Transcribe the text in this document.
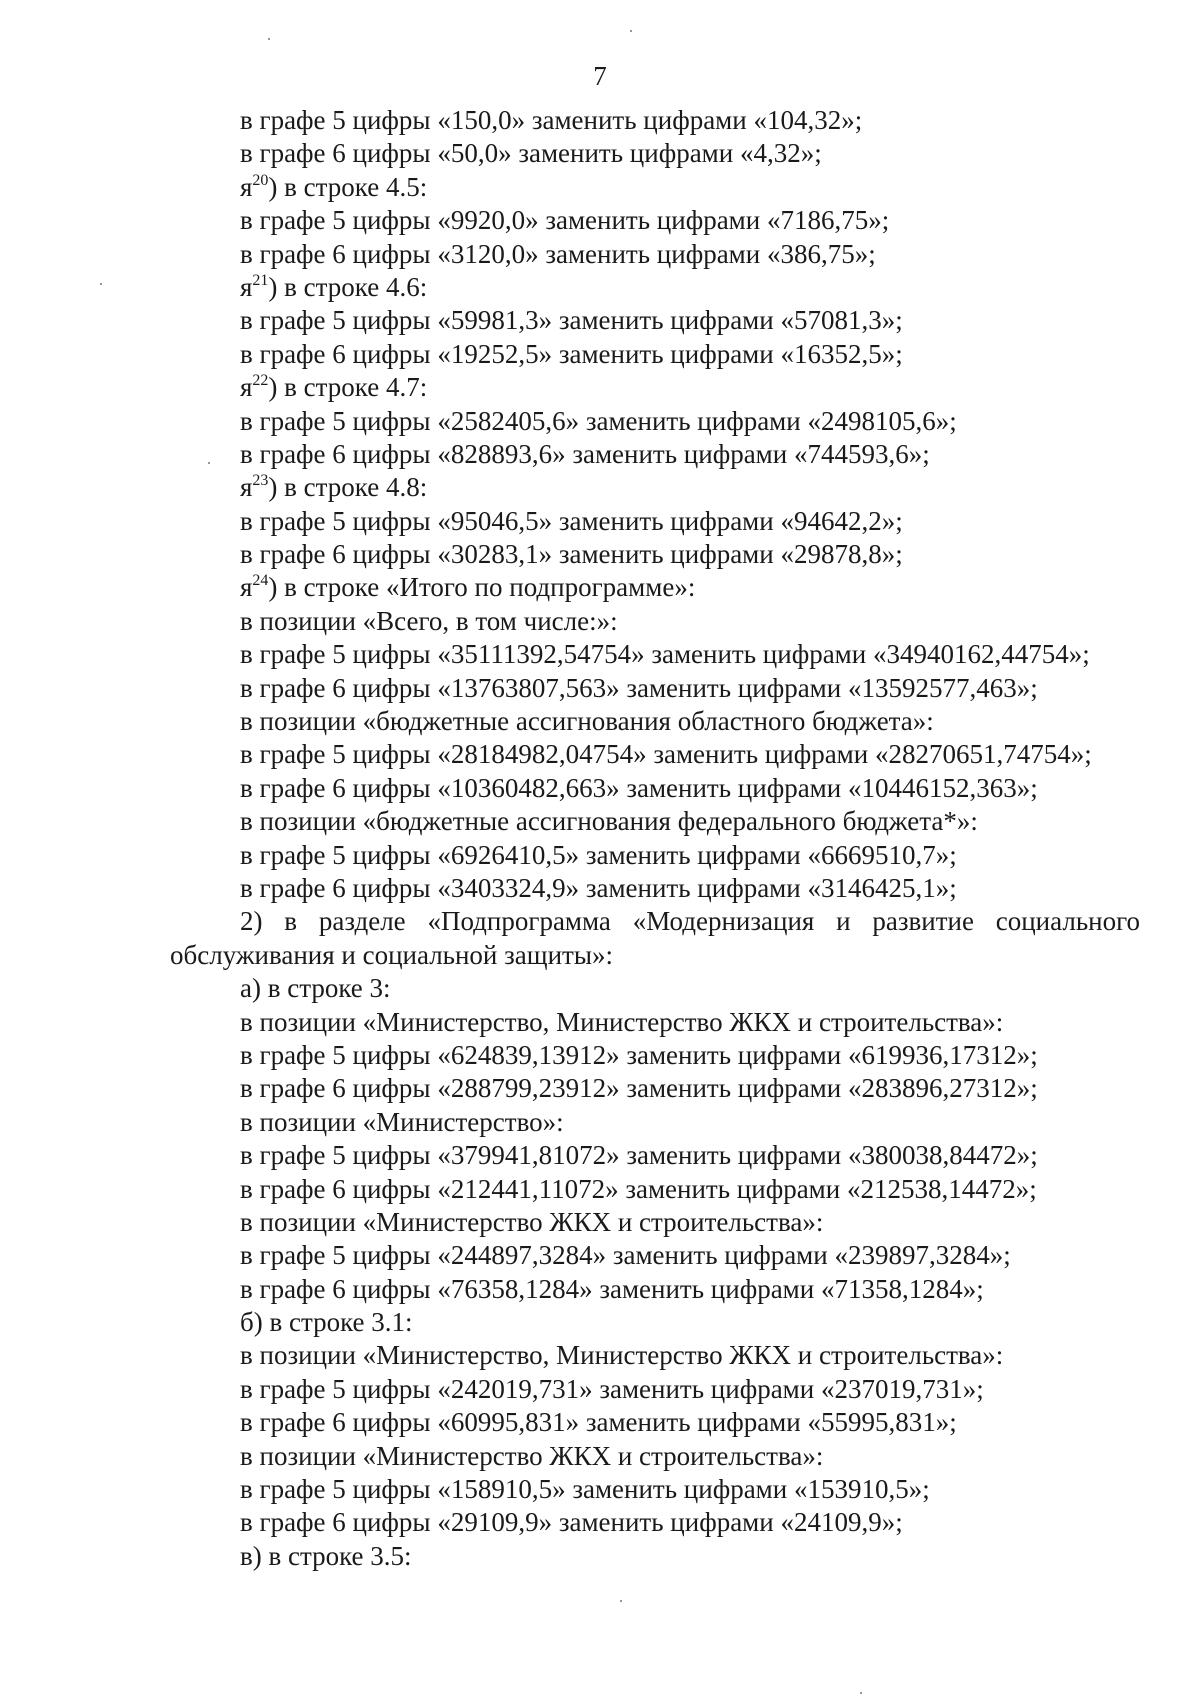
7
в графе 5 цифры «150,0» заменить цифрами «104,32»;
в графе 6 цифры «50,0» заменить цифрами «4,32»;
$я^{20}$) в строке 4.5:
в графе 5 цифры «9920,0» заменить цифрами «7186,75»;
в графе 6 цифры «3120,0» заменить цифрами «386,75»;
$я^{21}$) в строке 4.6:
в графе 5 цифры «59981,3» заменить цифрами «57081,3»;
в графе 6 цифры «19252,5» заменить цифрами «16352,5»;
$я^{22}$) в строке 4.7:
в графе 5 цифры «2582405,6» заменить цифрами «2498105,6»;
в графе 6 цифры «828893,6» заменить цифрами «744593,6»;
$я^{23}$) в строке 4.8:
в графе 5 цифры «95046,5» заменить цифрами «94642,2»;
в графе 6 цифры «30283,1» заменить цифрами «29878,8»;
$я^{24}$) в строке «Итого по подпрограмме»:
в позиции «Всего, в том числе:»:
в графе 5 цифры «35111392,54754» заменить цифрами «34940162,44754»;
в графе 6 цифры «13763807,563» заменить цифрами «13592577,463»;
в позиции «бюджетные ассигнования областного бюджета»:
в графе 5 цифры «28184982,04754» заменить цифрами «28270651,74754»;
в графе 6 цифры «10360482,663» заменить цифрами «10446152,363»;
в позиции «бюджетные ассигнования федерального бюджета*»:
в графе 5 цифры «6926410,5» заменить цифрами «6669510,7»;
в графе 6 цифры «3403324,9» заменить цифрами «3146425,1»;
2) в разделе «Подпрограмма «Модернизация и развитие социального
обслуживания и социальной защиты»:
а) в строке 3:
в позиции «Министерство, Министерство ЖКХ и строительства»:
в графе 5 цифры «624839,13912» заменить цифрами «619936,17312»;
в графе 6 цифры «288799,23912» заменить цифрами «283896,27312»;
в позиции «Министерство»:
в графе 5 цифры «379941,81072» заменить цифрами «380038,84472»;
в графе 6 цифры «212441,11072» заменить цифрами «212538,14472»;
в позиции «Министерство ЖКХ и строительства»:
в графе 5 цифры «244897,3284» заменить цифрами «239897,3284»;
в графе 6 цифры «76358,1284» заменить цифрами «71358,1284»;
б) в строке 3.1:
в позиции «Министерство, Министерство ЖКХ и строительства»:
в графе 5 цифры «242019,731» заменить цифрами «237019,731»;
в графе 6 цифры «60995,831» заменить цифрами «55995,831»;
в позиции «Министерство ЖКХ и строительства»:
в графе 5 цифры «158910,5» заменить цифрами «153910,5»;
в графе 6 цифры «29109,9» заменить цифрами «24109,9»;
в) в строке 3.5:
